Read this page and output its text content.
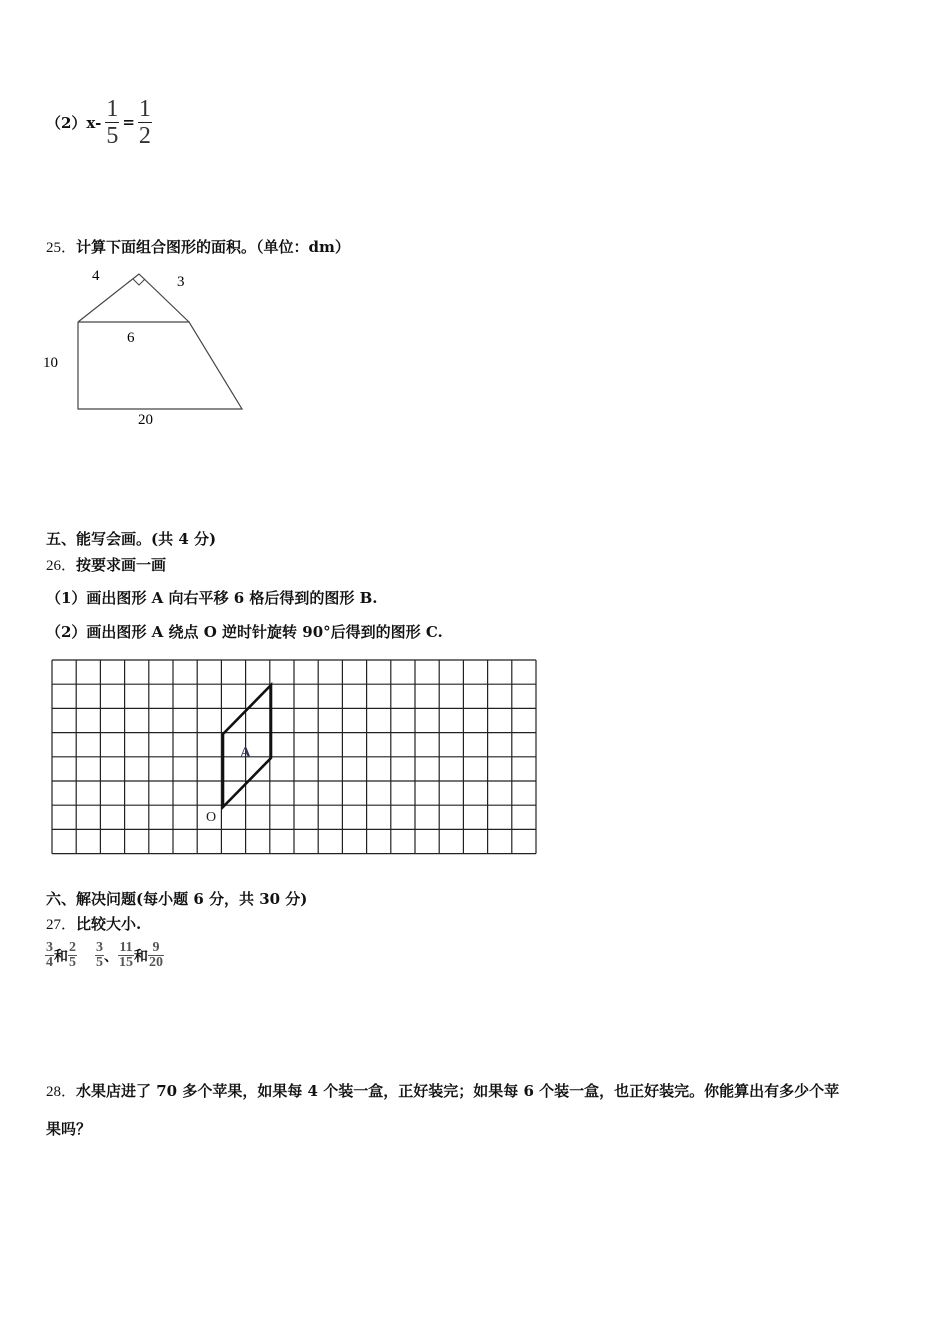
$(2)x- \frac{1}{5} = \frac{1}{2}$
25．计算下面组合图形的面积。（单位：dm）
4	3
6
10
20
五、能写会画。(共 4 分)
26．按要求画一画
（1）画出图形 A 向右平移 6 格后得到的图形 B.
（2）画出图形 A 绕点 O 逆时针旋转 90°后得到的图形 C.
A
O
六、解决问题(每小题 6 分，共 30 分)
27．比较大小.
$\frac{3}{4}$ 和 $\frac{2}{5} \frac{3}{5}$ 、 $\frac{11}{15}$ 和 $\frac{9}{20}$
28．水果店进了 70 多个苹果，如果每 4 个装一盒，正好装完；如果每 6 个装一盒，也正好装完。你能算出有多少个苹
果吗？
